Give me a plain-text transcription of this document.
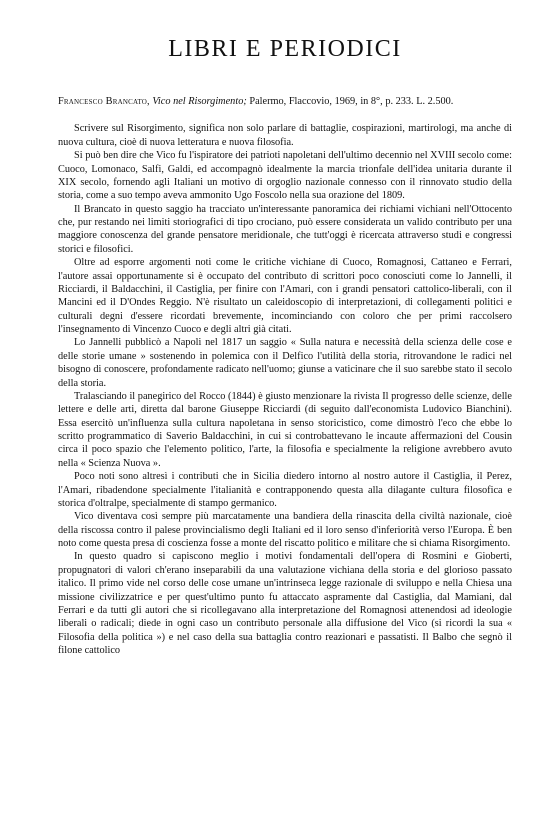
LIBRI E PERIODICI

Francesco Brancato, Vico nel Risorgimento; Palermo, Flaccovio, 1969, in 8°, p. 233. L. 2.500.

Scrivere sul Risorgimento, significa non solo parlare di battaglie, cospirazioni, martirologi, ma anche di nuova cultura, cioè di nuova letteratura e nuova filosofia.

Si può ben dire che Vico fu l'ispiratore dei patrioti napoletani dell'ultimo decennio nel XVIII secolo come: Cuoco, Lomonaco, Salfi, Galdi, ed accompagnò idealmente la marcia trionfale dell'idea unitaria durante il XIX secolo, fornendo agli Italiani un motivo di orgoglio nazionale connesso con il rinnovato studio della storia, come a suo tempo aveva ammonito Ugo Foscolo nella sua orazione del 1809.

Il Brancato in questo saggio ha tracciato un'interessante panoramica dei richiami vichiani nell'Ottocento che, pur restando nei limiti storiografici di tipo crociano, può essere considerata un valido contributo per una maggiore conoscenza del grande pensatore meridionale, che tutt'oggi è ricercata attraverso studi e congressi storici e filosofici.

Oltre ad esporre argomenti noti come le critiche vichiane di Cuoco, Romagnosi, Cattaneo e Ferrari, l'autore assai opportunamente si è occupato del contributo di scrittori poco conosciuti come lo Jannelli, il Ricciardi, il Baldacchini, il Castiglia, per finire con l'Amari, con i grandi pensatori cattolico-liberali, con il Mancini ed il D'Ondes Reggio. N'è risultato un caleidoscopio di interpretazioni, di collegamenti politici e culturali degni d'essere ricordati brevemente, incominciando con coloro che per primi raccolsero l'insegnamento di Vincenzo Cuoco e degli altri già citati.

Lo Jannelli pubblicò a Napoli nel 1817 un saggio « Sulla natura e necessità della scienza delle cose e delle storie umane » sostenendo in polemica con il Delfico l'utilità della storia, ritrovandone le radici nel bisogno di conoscere, profondamente radicato nell'uomo; giunse a vaticinare che il suo sarebbe stato il secolo della storia.

Tralasciando il panegirico del Rocco (1844) è giusto menzionare la rivista Il progresso delle scienze, delle lettere e delle arti, diretta dal barone Giuseppe Ricciardi (di seguito dall'economista Ludovico Bianchini). Essa esercitò un'influenza sulla cultura napoletana in senso storicistico, come dimostrò l'eco che ebbe lo scritto programmatico di Saverio Baldacchini, in cui si controbattevano le incaute affermazioni del Cousin circa il poco spazio che l'elemento politico, l'arte, la filosofia e specialmente la religione avrebbero avuto nella « Scienza Nuova ».

Poco noti sono altresì i contributi che in Sicilia diedero intorno al nostro autore il Castiglia, il Perez, l'Amari, ribadendone specialmente l'italianità e contrapponendo questa alla dilagante cultura filosofica e storica d'oltralpe, specialmente di stampo germanico.

Vico diventava così sempre più marcatamente una bandiera della rinascita della civiltà nazionale, cioè della riscossa contro il palese provincialismo degli Italiani ed il loro senso d'inferiorità verso l'Europa. È ben noto come questa presa di coscienza fosse a monte del riscatto politico e militare che si chiama Risorgimento.

In questo quadro si capiscono meglio i motivi fondamentali dell'opera di Rosmini e Gioberti, propugnatori di valori ch'erano inseparabili da una valutazione vichiana della storia e del glorioso passato italico. Il primo vide nel corso delle cose umane un'intrinseca legge razionale di sviluppo e nella Chiesa una missione civilizzatrice e per quest'ultimo punto fu attaccato aspramente dal Castiglia, dal Mamiani, dal Ferrari e da tutti gli autori che si ricollegavano alla interpretazione del Romagnosi attenendosi ad ideologie liberali o radicali; diede in ogni caso un contributo personale alla diffusione del Vico (si ricordi la sua « Filosofia della politica ») e nel caso della sua battaglia contro reazionari e passatisti. Il Balbo che segnò il filone cattolico
